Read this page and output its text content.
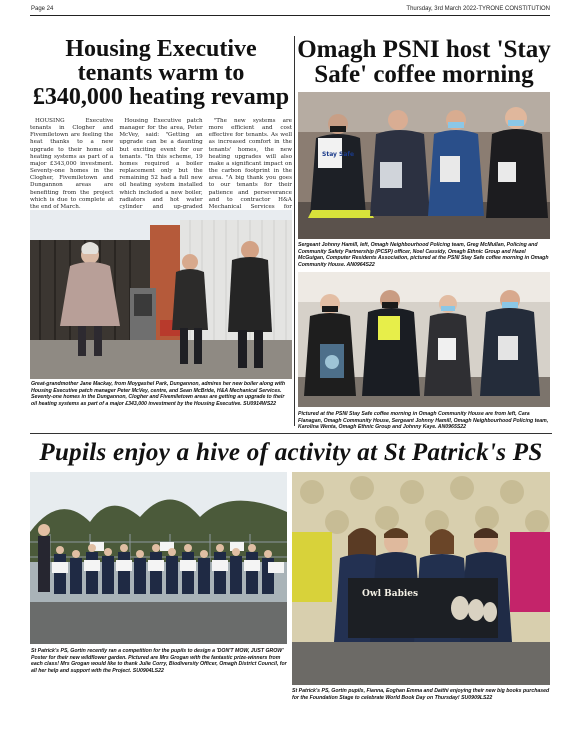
Page 24	Thursday, 3rd March 2022-TYRONE CONSTITUTION
Housing Executive tenants warm to £340,000 heating revamp

HOUSING Executive tenants in Clogher and Fivemiletown are feeling the heat thanks to a new upgrade to their home oil heating systems as part of a major £343,000 investment. Seventy-one homes in the Clogher, Fivemiletown and Dungannon areas are benefiting from the project which is due to complete at the end of March.

Housing Executive patch manager for the area, Peter McVey, said: "Getting an upgrade can be a daunting but exciting event for our tenants. "In this scheme, 19 homes required a boiler replacement only but the remaining 52 had a full new oil heating system installed which included a new boiler, radiators and hot water cylinder and up-graded

"The new systems are more efficient and cost effective for tenants. As well as increased comfort in the tenants' homes, the new heating upgrades will also make a significant impact on the carbon footprint in the area. "A big thank you goes to our tenants for their patience and perseverance and to contractor H&A Mechanical Services for

Great-grandmother Jane Mackay, from Moygashel Park, Dungannon, admires her new boiler along with Housing Executive patch manager Peter McVey, centre, and Sean McBride, H&A Mechanical Services. Seventy-one homes in the Dungannon, Clogher and Fivemiletown areas are getting an upgrade to their oil heating systems as part of a major £343,000 investment by the Housing Executive. SU0914WS22
Omagh PSNI host 'Stay Safe' coffee morning
Stay Safe
Sergeant Johnny Hamill, left, Omagh Neighbourhood Policing team, Greg McMullan, Policing and Community Safety Partnership (PCSP) officer, Noel Cassidy, Omagh Ethnic Group and Hazel McGuigan, Computer Residents Association, pictured at the PSNI Stay Safe coffee morning in Omagh Community House. AN0964S22
Pictured at the PSNI Stay Safe coffee morning in Omagh Community House are from left, Cara Flanagan, Omagh Community House, Sergeant Johnny Hamill, Omagh Neighbourhood Policing team, Karolina Wenta, Omagh Ethnic Group and Johnny Kaye. AN0965S22
Pupils enjoy a hive of activity at St Patrick's PS
St Patrick's PS, Gortin recently ran a competition for the pupils to design a 'DON'T MOW, JUST GROW' Poster for their new wildflower garden. Pictured are Mrs Grogan with the fantastic prize-winners from each class! Mrs Grogan would like to thank Julie Corry, Biodiversity Officer, Omagh District Council, for all her help and support with the Project. SU0904LS22
Owl Babies
St Patrick's PS, Gortin pupils, Fianna, Eoghan Emma and Daithi enjoying their new big books purchased for the Foundation Stage to celebrate World Book Day on Thursday! SU0909LS22
